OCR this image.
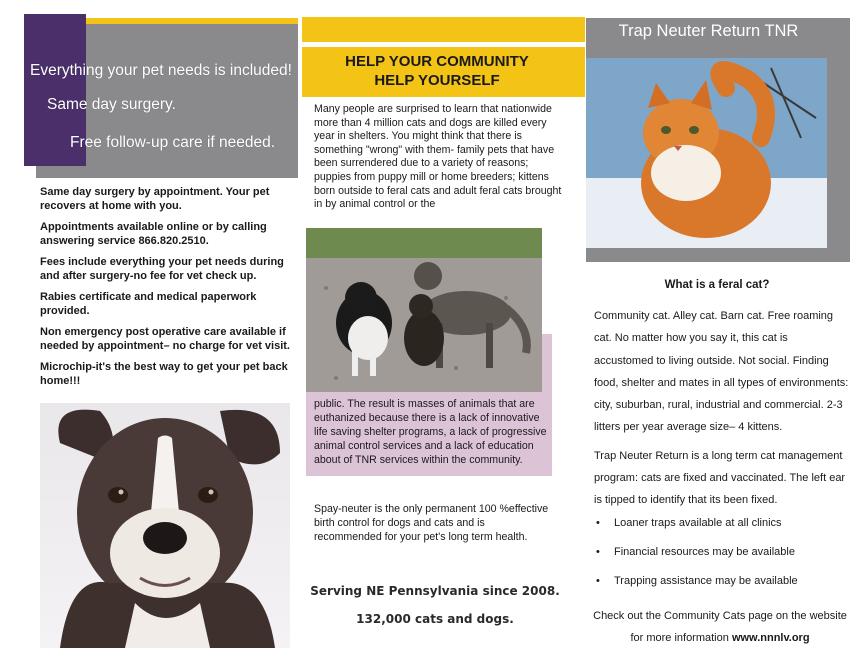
Everything your pet needs is included!
Same day surgery.
Free follow-up care if needed.

Same day surgery by appointment. Your pet recovers at home with you.

Appointments available online or by calling answering service 866.820.2510.

Fees include everything your pet needs during and after surgery-no fee for vet check up.

Rabies certificate and medical paperwork provided.

Non emergency post operative care available if needed by appointment– no charge for vet visit.

Microchip-it's the best way to get your pet back home!!!

HELP YOUR COMMUNITY
HELP YOURSELF
Many people are surprised to learn that nationwide more than 4 million cats and dogs are killed every year in shelters. You might think that there is something "wrong" with them- family pets that have been surrendered due to a variety of reasons; puppies from puppy mill or home breeders; kittens born outside to feral cats and adult feral cats brought in by animal control or the
public. The result is masses of animals that are euthanized because there is a lack of innovative life saving shelter programs, a lack of progressive animal control services and a lack of education about of TNR services within the community.
Spay-neuter is the only permanent 100 %effective birth control for dogs and cats and is recommended for your pet's long term health.
Serving NE Pennsylvania since 2008.
132,000 cats and dogs.
Trap Neuter Return TNR
What is a feral cat?
Community cat. Alley cat. Barn cat. Free roaming cat. No matter how you say it, this cat is accustomed to living outside. Not social. Finding food, shelter and mates in all types of environments: city, suburban, rural, industrial and commercial. 2-3 litters per year average size– 4 kittens.
Trap Neuter Return is a long term cat management program: cats are fixed and vaccinated. The left ear is tipped to identify that its been fixed.
•	Loaner traps available at all clinics
•	Financial resources may be available
•	Trapping assistance may be available
Check out the Community Cats page on the website for more information www.nnnlv.org
